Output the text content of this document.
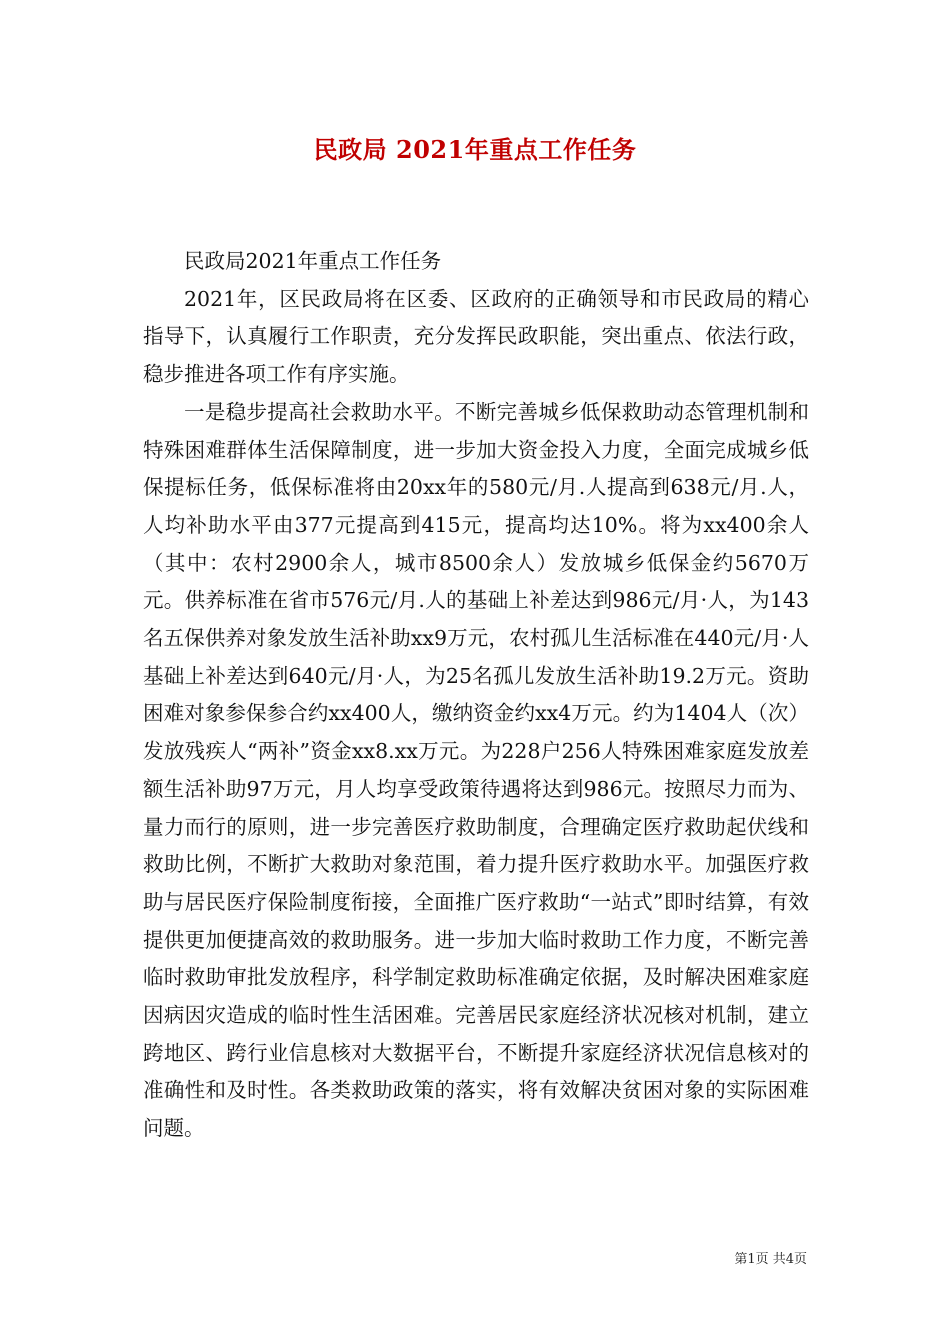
民政局 2021年重点工作任务

民政局2021年重点工作任务

2021年，区民政局将在区委、区政府的正确领导和市民政局的精心指导下，认真履行工作职责，充分发挥民政职能，突出重点、依法行政，稳步推进各项工作有序实施。

一是稳步提高社会救助水平。不断完善城乡低保救助动态管理机制和特殊困难群体生活保障制度，进一步加大资金投入力度，全面完成城乡低保提标任务，低保标准将由20xx年的580元/月.人提高到638元/月.人，人均补助水平由377元提高到415元，提高均达10%。将为xx400余人（其中：农村2900余人，城市8500余人）发放城乡低保金约5670万元。供养标准在省市576元/月.人的基础上补差达到986元/月·人，为143名五保供养对象发放生活补助xx9万元，农村孤儿生活标准在440元/月·人基础上补差达到640元/月·人，为25名孤儿发放生活补助19.2万元。资助困难对象参保参合约xx400人，缴纳资金约xx4万元。约为1404人（次）发放残疾人“两补”资金xx8.xx万元。为228户256人特殊困难家庭发放差额生活补助97万元，月人均享受政策待遇将达到986元。按照尽力而为、量力而行的原则，进一步完善医疗救助制度，合理确定医疗救助起伏线和救助比例，不断扩大救助对象范围，着力提升医疗救助水平。加强医疗救助与居民医疗保险制度衔接，全面推广医疗救助“一站式”即时结算，有效提供更加便捷高效的救助服务。进一步加大临时救助工作力度，不断完善临时救助审批发放程序，科学制定救助标准确定依据，及时解决困难家庭因病因灾造成的临时性生活困难。完善居民家庭经济状况核对机制，建立跨地区、跨行业信息核对大数据平台，不断提升家庭经济状况信息核对的准确性和及时性。各类救助政策的落实，将有效解决贫困对象的实际困难问题。

第1页 共4页
